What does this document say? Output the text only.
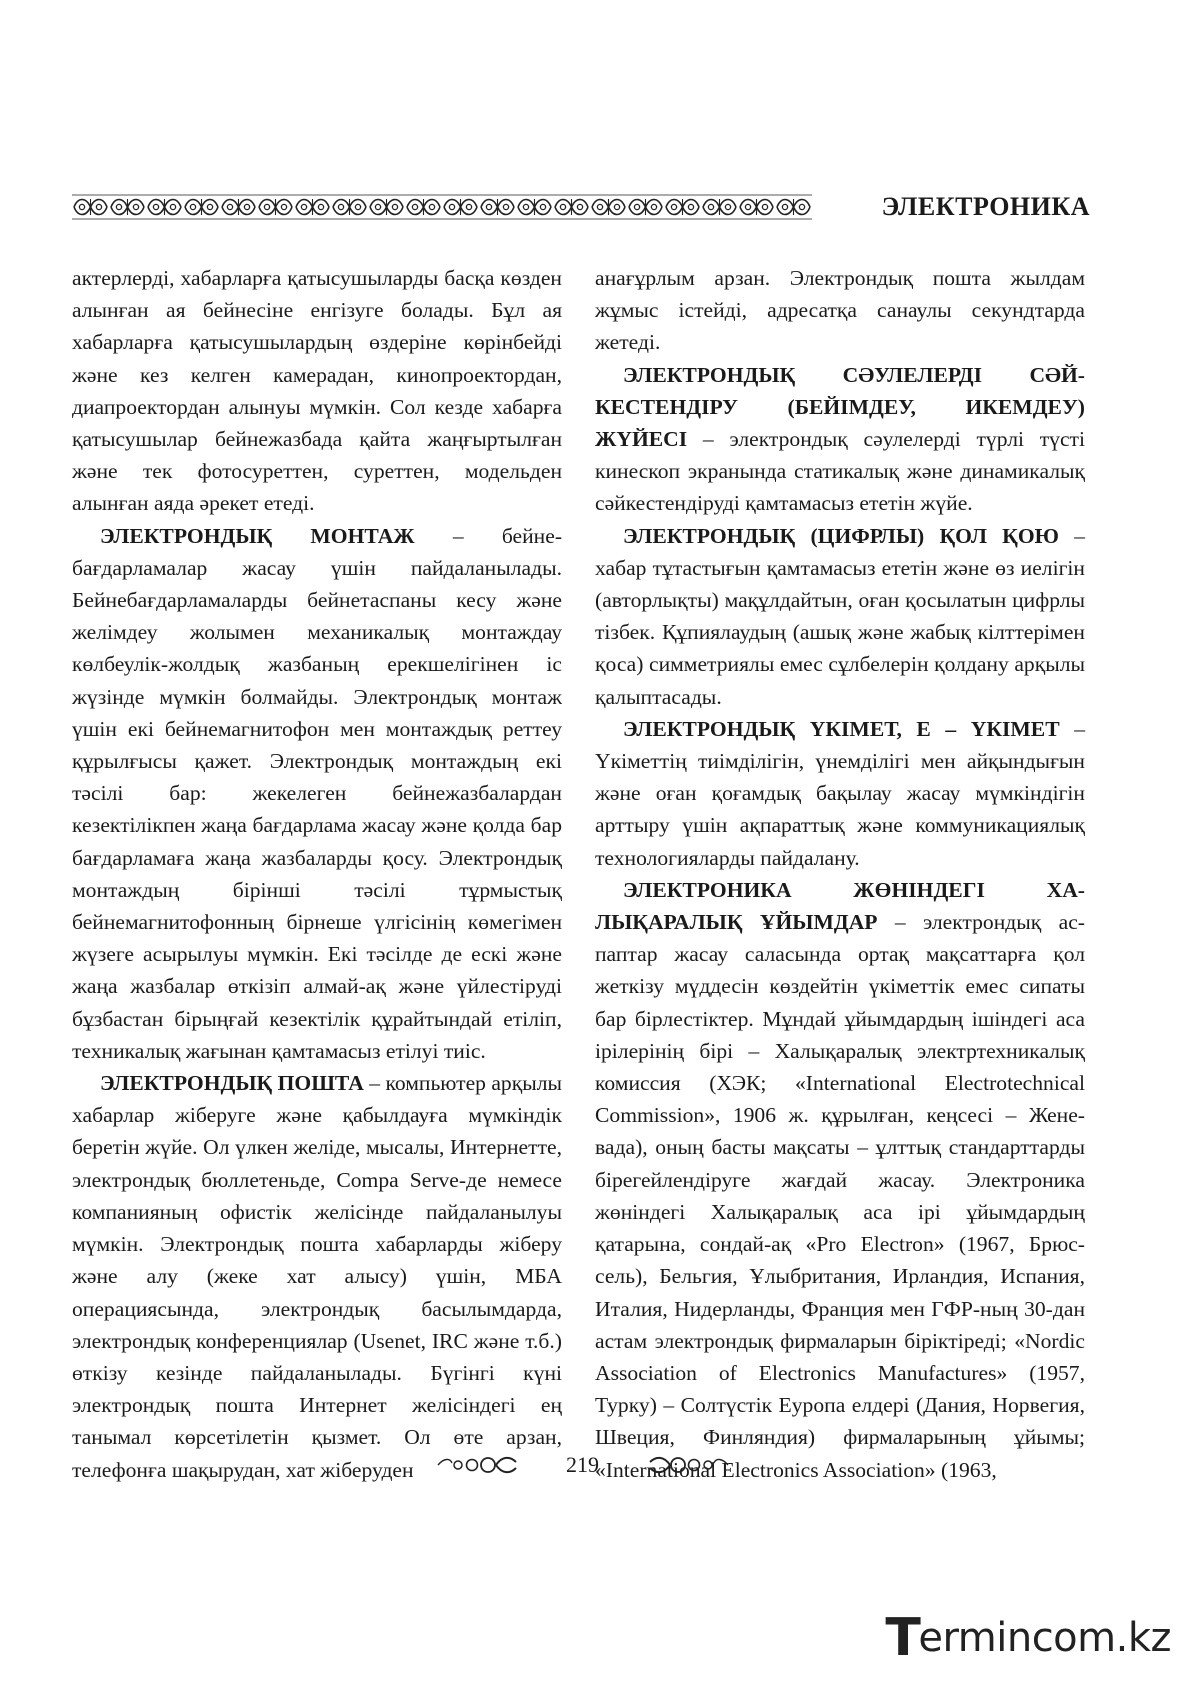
ЭЛЕКТРОНИКА

актерлерді, хабарларға қатысушыларды басқа көзден алынған ая бейнесіне енгізуге болады. Бұл ая хабарларға қатысушылардың өздеріне көрінбейді және кез келген камерадан, кинопроектордан, диапроектордан алынуы мүмкін. Сол кезде хабарға қатысушылар бейнежазбада қайта жаңғыртылған және тек фотосуреттен, суреттен, модельден алынған аяда әрекет етеді.

ЭЛЕКТРОНДЫҚ МОНТАЖ – бейнебағдарламалар жасау үшін пайдаланылады. Бейнебағдарламаларды бейнетаспаны кесу және желімдеу жолымен механикалық монтаждау көлбеулік-жолдық жазбаның ерекшелігінен іс жүзінде мүмкін болмайды. Электрондық монтаж үшін екі бейнемагнитофон мен монтаждық реттеу құрылғысы қажет. Электрондық монтаждың екі тәсілі бар: жекелеген бейнежазбалардан кезектілікпен жаңа бағдарлама жасау және қолда бар бағдарламаға жаңа жазбаларды қосу. Электрондық монтаждың бірінші тәсілі тұрмыстық бейнемагнитофонның бірнеше үлгісінің көмегімен жүзеге асырылуы мүмкін. Екі тәсілде де ескі және жаңа жазбалар өткізіп алмай-ақ және үйлестіруді бұзбастан бірыңғай кезектілік құрайтындай етіліп, техникалық жағынан қамтамасыз етілуі тиіс.

ЭЛЕКТРОНДЫҚ ПОШТА – компьютер арқылы хабарлар жіберуге және қабылдауға мүмкіндік беретін жүйе. Ол үлкен желіде, мысалы, Интернетте, электрондық бюллетеньде, Compa Serve-де немесе компанияның офистік желісінде пайдаланылуы мүмкін. Электрондық пошта хабарларды жіберу және алу (жеке хат алысу) үшін, МБА операциясында, электрондық басылымдарда, электрондық конференциялар (Usenet, IRC және т.б.) өткізу кезінде пайдаланылады. Бүгінгі күні электрондық пошта Интернет желісіндегі ең танымал көрсетілетін қызмет. Ол өте арзан, телефонға шақырудан, хат жіберуден

анағұрлым арзан. Электрондық пошта жылдам жұмыс істейді, адресатқа санаулы секундтарда жетеді.

ЭЛЕКТРОНДЫҚ СӘУЛЕЛЕРДІ СӘЙКЕСТЕНДІРУ (БЕЙІМДЕУ, ИКЕМДЕУ) ЖҮЙЕСІ – электрондық сәулелерді түрлі түсті кинескоп экранында статикалық және динамикалық сәйкестендіруді қамтамасыз ететін жүйе.

ЭЛЕКТРОНДЫҚ (ЦИФРЛЫ) ҚОЛ ҚОЮ – хабар тұтастығын қамтамасыз ететін және өз иелігін (авторлықты) мақұлдайтын, оған қосылатын цифрлы тізбек. Құпиялаудың (ашық және жабық кілттерімен қоса) симметриялы емес сұлбелерін қолдану арқылы қалыптасады.

ЭЛЕКТРОНДЫҚ ҮКІМЕТ, Е – ҮКІМЕТ – Үкіметтің тиімділігін, үнемділігі мен айқындығын және оған қоғамдық бақылау жасау мүмкіндігін арттыру үшін ақпараттық және коммуникациялық технологияларды пайдалану.

ЭЛЕКТРОНИКА ЖӨНІНДЕГІ ХАЛЫҚАРАЛЫҚ ҰЙЫМДАР – электрондық аспаптар жасау саласында ортақ мақсаттарға қол жеткізу мүддесін көздейтін үкіметтік емес сипаты бар бірлестіктер. Мұндай ұйымдардың ішіндегі аса ірілерінің бірі – Халықаралық электртехникалық комиссия (ХЭК; «International Electrotechnical Commission», 1906 ж. құрылған, кеңсесі – Женевада), оның басты мақсаты – ұлттық стандарттарды бірегейлендіруге жағдай жасау. Электроника жөніндегі Халықаралық аса ірі ұйымдардың қатарына, сондай-ақ «Pro Electron» (1967, Брюссель), Бельгия, Ұлыбритания, Ирландия, Испания, Италия, Нидерланды, Франция мен ГФР-ның 30-дан астам электрондық фирмаларын біріктіреді; «Nordic Association of Electronics Manufactures» (1957, Турку) – Солтүстік Еуропа елдері (Дания, Норвегия, Швеция, Финляндия) фирмаларының ұйымы; «International Electronics Association» (1963,

219
T
ermincо m.kz
